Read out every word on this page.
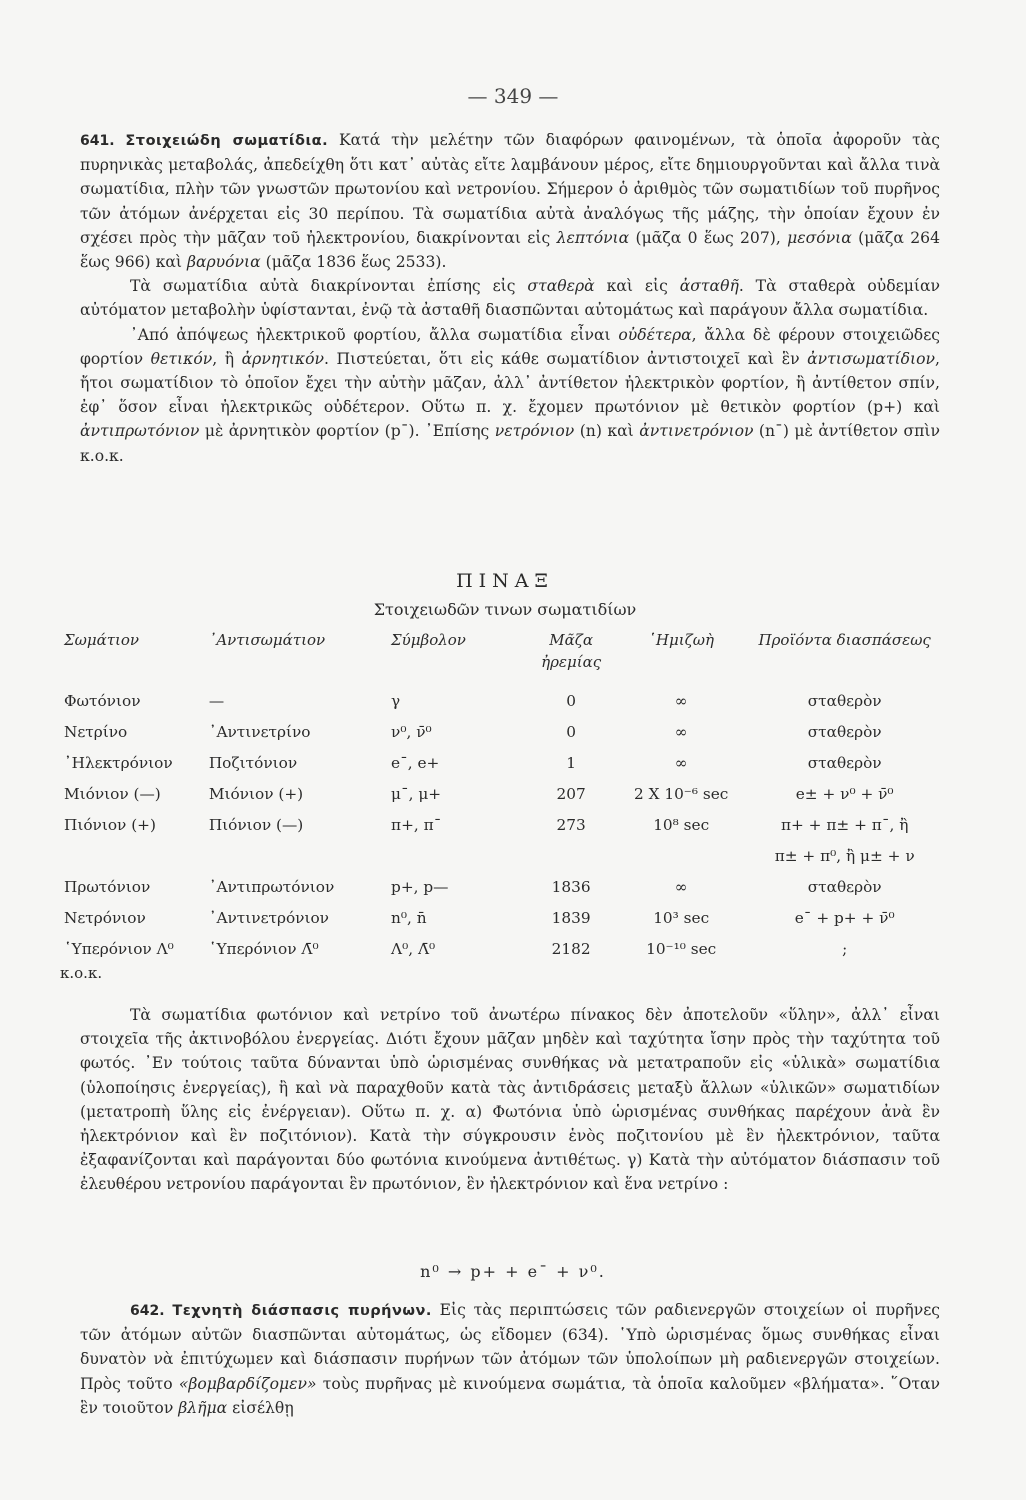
— 349 —

641. Στοιχειώδη σωματίδια. Κατά τὴν μελέτην τῶν διαφόρων φαινομένων, τὰ ὁποῖα ἀφοροῦν τὰς πυρηνικὰς μεταβολάς, ἀπεδείχθη ὅτι κατ᾿ αὐτὰς εἴτε λαμβάνουν μέρος, εἴτε δημιουργοῦνται καὶ ἄλλα τινὰ σωματίδια, πλὴν τῶν γνωστῶν πρωτονίου καὶ νετρονίου. Σήμερον ὁ ἀριθμὸς τῶν σωματιδίων τοῦ πυρῆνος τῶν ἀτόμων ἀνέρχεται εἰς 30 περίπου. Τὰ σωματίδια αὐτὰ ἀναλόγως τῆς μάζης, τὴν ὁποίαν ἔχουν ἐν σχέσει πρὸς τὴν μᾶζαν τοῦ ἠλεκτρονίου, διακρίνονται εἰς λεπτόνια (μᾶζα 0 ἕως 207), μεσόνια (μᾶζα 264 ἕως 966) καὶ βαρυόνια (μᾶζα 1836 ἕως 2533).

Τὰ σωματίδια αὐτὰ διακρίνονται ἐπίσης εἰς σταθερὰ καὶ εἰς ἀσταθῆ. Τὰ σταθερὰ οὐδεμίαν αὐτόματον μεταβολὴν ὑφίστανται, ἐνῷ τὰ ἀσταθῆ διασπῶνται αὐτομάτως καὶ παράγουν ἄλλα σωματίδια.

᾿Από ἀπόψεως ἠλεκτρικοῦ φορτίου, ἄλλα σωματίδια εἶναι οὐδέτερα, ἄλλα δὲ φέρουν στοιχειῶδες φορτίον θετικόν, ἢ ἀρνητικόν. Πιστεύεται, ὅτι εἰς κάθε σωματίδιον ἀντιστοιχεῖ καὶ ἓν ἀντισωματίδιον, ἤτοι σωματίδιον τὸ ὁποῖον ἔχει τὴν αὐτὴν μᾶζαν, ἀλλ᾿ ἀντίθετον ἠλεκτρικὸν φορτίον, ἢ ἀντίθετον σπίν, ἐφ᾿ ὅσον εἶναι ἠλεκτρικῶς οὐδέτερον. Οὕτω π. χ. ἔχομεν πρωτόνιον μὲ θετικὸν φορτίον (p+) καὶ ἀντιπρωτόνιον μὲ ἀρνητικὸν φορτίον (p¯). ᾿Επίσης νετρόνιον (n) καὶ ἀντινετρόνιον (n¯) μὲ ἀντίθετον σπὶν κ.ο.κ.

ΠΙΝΑΞ
Στοιχειωδῶν τινων σωματιδίων
Σωμάτιον	᾿Αντισωμάτιον	Σύμβολον	Μᾶζα ἠρεμίας	῾Ημιζωὴ	Προϊόντα διασπάσεως
Φωτόνιον	—	γ	0	∞	σταθερὸν
Νετρίνο	᾿Αντινετρίνο	ν⁰, ν̄⁰	0	∞	σταθερὸν
᾿Ηλεκτρόνιον	Ποζιτόνιον	e¯, e+	1	∞	σταθερὸν
Μιόνιον (—)	Μιόνιον (+)	μ¯, μ+	207	2 X 10⁻⁶ sec	e± + ν⁰ + ν̄⁰
Πιόνιον (+)	Πιόνιον (—)	π+, π¯	273	10⁸ sec	π+ + π± + π¯, ἢ
					π± + π⁰, ἢ μ± + ν
Πρωτόνιον	᾿Αντιπρωτόνιον	p+, p—	1836	∞	σταθερὸν
Νετρόνιον	᾿Αντινετρόνιον	n⁰, n̄	1839	10³ sec	e¯ + p+ + ν̄⁰
῾Υπερόνιον Λ⁰	῾Υπερόνιον Λ̄⁰	Λ⁰, Λ̄⁰	2182	10⁻¹⁰ sec	;
κ.ο.κ.

Τὰ σωματίδια φωτόνιον καὶ νετρίνο τοῦ ἀνωτέρω πίνακος δὲν ἀποτελοῦν «ὕλην», ἀλλ᾿ εἶναι στοιχεῖα τῆς ἀκτινοβόλου ἐνεργείας. Διότι ἔχουν μᾶζαν μηδὲν καὶ ταχύτητα ἴσην πρὸς τὴν ταχύτητα τοῦ φωτός. ᾿Εν τούτοις ταῦτα δύνανται ὑπὸ ὡρισμένας συνθήκας νὰ μετατραποῦν εἰς «ὑλικὰ» σωματίδια (ὑλοποίησις ἐνεργείας), ἢ καὶ νὰ παραχθοῦν κατὰ τὰς ἀντιδράσεις μεταξὺ ἄλλων «ὑλικῶν» σωματιδίων (μετατροπὴ ὕλης εἰς ἐνέργειαν). Οὕτω π. χ. α) Φωτόνια ὑπὸ ὡρισμένας συνθήκας παρέχουν ἀνὰ ἓν ἠλεκτρόνιον καὶ ἓν ποζιτόνιον). Κατὰ τὴν σύγκρουσιν ἑνὸς ποζιτονίου μὲ ἓν ἠλεκτρόνιον, ταῦτα ἐξαφανίζονται καὶ παράγονται δύο φωτόνια κινούμενα ἀντιθέτως. γ) Κατὰ τὴν αὐτόματον διάσπασιν τοῦ ἐλευθέρου νετρονίου παράγονται ἓν πρωτόνιον, ἓν ἠλεκτρόνιον καὶ ἕνα νετρίνο :

n⁰ → p+ + e¯ + ν⁰.

642. Τεχνητὴ διάσπασις πυρήνων. Εἰς τὰς περιπτώσεις τῶν ραδιενεργῶν στοιχείων οἱ πυρῆνες τῶν ἀτόμων αὐτῶν διασπῶνται αὐτομάτως, ὡς εἴδομεν (634). ῾Υπὸ ὡρισμένας ὅμως συνθήκας εἶναι δυνατὸν νὰ ἐπιτύχωμεν καὶ διάσπασιν πυρήνων τῶν ἀτόμων τῶν ὑπολοίπων μὴ ραδιενεργῶν στοιχείων. Πρὸς τοῦτο «βομβαρδίζομεν» τοὺς πυρῆνας μὲ κινούμενα σωμάτια, τὰ ὁποῖα καλοῦμεν «βλήματα». ῞Οταν ἓν τοιοῦτον βλῆμα εἰσέλθῃ
